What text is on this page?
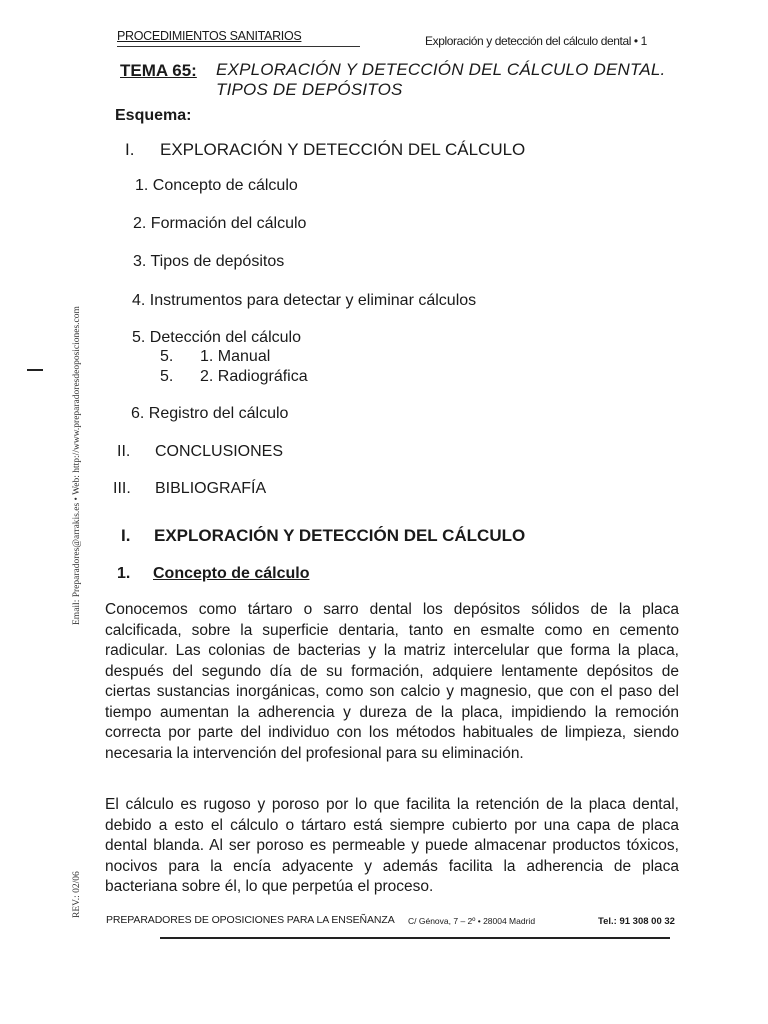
PROCEDIMIENTOS SANITARIOS	Exploración y detección del cálculo dental • 1
TEMA 65: EXPLORACIÓN Y DETECCIÓN DEL CÁLCULO DENTAL. TIPOS DE DEPÓSITOS
Esquema:
I. EXPLORACIÓN Y DETECCIÓN DEL CÁLCULO
1. Concepto de cálculo
2. Formación del cálculo
3. Tipos de depósitos
4. Instrumentos para detectar y eliminar cálculos
5. Detección del cálculo
5. 1. Manual
5. 2. Radiográfica
6. Registro del cálculo
II. CONCLUSIONES
III. BIBLIOGRAFÍA
I. EXPLORACIÓN Y DETECCIÓN DEL CÁLCULO
1. Concepto de cálculo

Conocemos como tártaro o sarro dental los depósitos sólidos de la placa calcificada, sobre la superficie dentaria, tanto en esmalte como en cemento radicular. Las colonias de bacterias y la matriz intercelular que forma la placa, después del segundo día de su formación, adquiere lentamente depósitos de ciertas sustancias inorgánicas, como son calcio y magnesio, que con el paso del tiempo aumentan la adherencia y dureza de la placa, impidiendo la remoción correcta por parte del individuo con los métodos habituales de limpieza, siendo necesaria la intervención del profesional para su eliminación.

El cálculo es rugoso y poroso por lo que facilita la retención de la placa dental, debido a esto el cálculo o tártaro está siempre cubierto por una capa de placa dental blanda. Al ser poroso es permeable y puede almacenar productos tóxicos, nocivos para la encía adyacente y además facilita la adherencia de placa bacteriana sobre él, lo que perpetúa el proceso.

Email: Preparadores@arrakis.es • Web: http://www.preparadoresdeoposiciones.com
REV.: 02/06
PREPARADORES DE OPOSICIONES PARA LA ENSEÑANZA C/ Génova, 7 – 2º • 28004 Madrid	Tel.: 91 308 00 32
